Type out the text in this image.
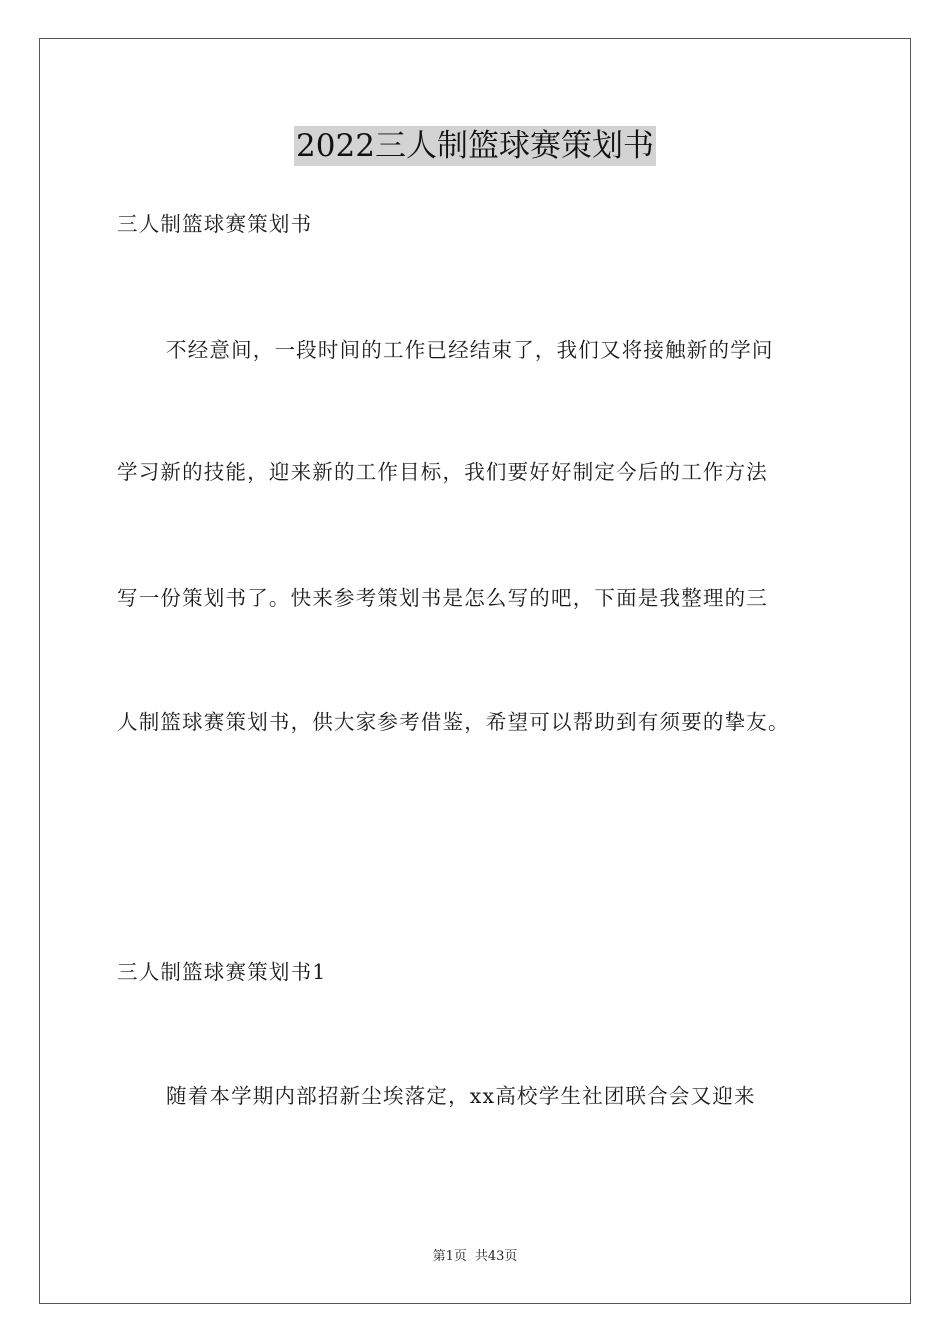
2022三人制篮球赛策划书
三人制篮球赛策划书
不经意间，一段时间的工作已经结束了，我们又将接触新的学问
学习新的技能，迎来新的工作目标，我们要好好制定今后的工作方法
写一份策划书了。快来参考策划书是怎么写的吧，下面是我整理的三
人制篮球赛策划书，供大家参考借鉴，希望可以帮助到有须要的挚友。
三人制篮球赛策划书1
随着本学期内部招新尘埃落定，xx高校学生社团联合会又迎来
第1页 共43页
